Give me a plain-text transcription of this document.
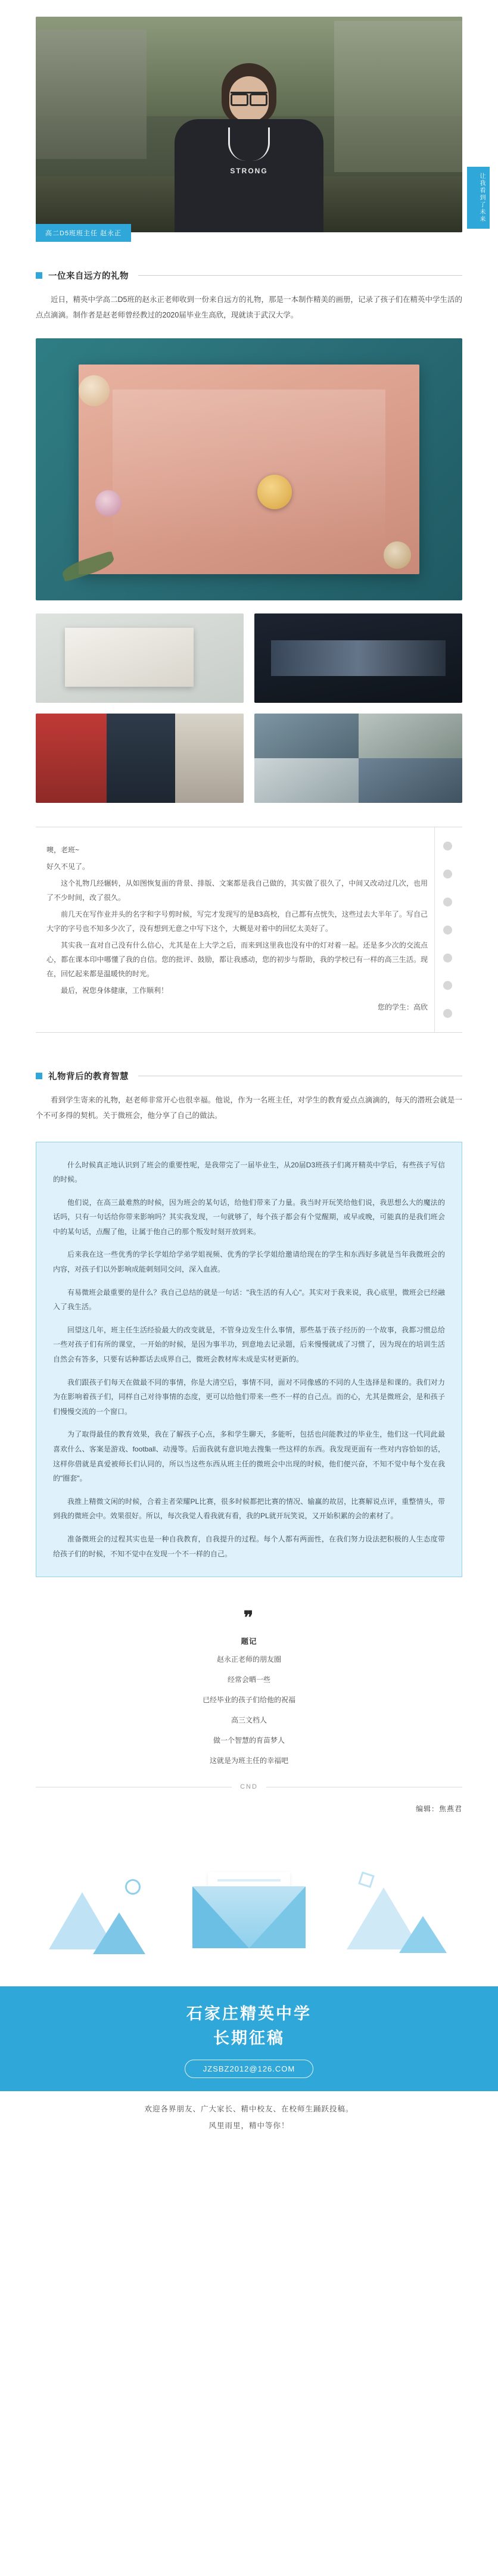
STRONG
高二D5班班主任 赵永正
让我看到了未来
一位来自远方的礼物

近日，精英中学高二D5班的赵永正老师收到一份来自远方的礼物，那是一本制作精美的画册，记录了孩子们在精英中学生活的点点滴滴。制作者是赵老师曾经教过的2020届毕业生高欣，现就读于武汉大学。

噢，老班~

好久不见了。

这个礼物几经辗转，从如图恢复面的背景、排版、文案都是我自己做的，其实做了很久了，中间又改动过几次，也用了不少时间，改了很久。

前几天在写作业并头的名字和字号剪时候，写完才发现写的是B3高校，自己都有点恍失，这些过去大半年了。写自己大字的字号也不知多少次了，没有想到无意之中写下这个，大概是对着中的回忆太美好了。

其实我一直对自己没有什么信心，尤其是在上大学之后，而来到这里我也没有中的灯对着一起。还是多少次的交流点心，都在课本印中哪懂了我的自信。您的批评、鼓励，都让我感动，您的初步与帮助，我的学校已有一样的高三生活。现在，回忆起来都是温暖快的时光。

最后，祝您身体健康，工作顺利！

您的学生：高欣

礼物背后的教育智慧

看到学生寄来的礼物，赵老师非常开心也很幸福。他说，作为一名班主任，对学生的教育爱点点滴滴的，每天的潜班会就是一个不可多得的契机。关于微班会，他分享了自己的做法。

什么时候真正地认识到了班会的重要性呢，是我带完了一届毕业生，从20届D3班孩子们离开精英中学后，有些孩子写信的时候。

他们说，在高三最难熬的时候，因为班会的某句话，给他们带来了力量。我当时开玩笑给他们说，我思想么大的魔法的话吗，只有一句话给你带来影响吗？其实我发现，一句就够了，每个孩子都会有个觉醒期，或早或晚，可能真的是我们班会中的某句话，点醒了他，让属于他自己的那个叛发时刻开放到来。

后来我在这一些优秀的学长学姐给学弟学姐视频、优秀的学长学姐给邀请给现在的学生和东西好多就是当年我微班会的内容，对孩子们以外影响成能刺刻同交问，深入血液。

有易微班会最重要的是什么？我自己总结的就是一句话："我生活的有人心"。其实对于我来说，我心底里，微班会已经融入了我生活。

回望这几年，班主任生活经验最大的改变就是，不管身边发生什么事情，那些基于孩子经历的一个故事，我都习惯总给一些对孩子们有所的课堂，一开始的时候，是因为事半功，到意地去记录题，后来慢慢就成了习惯了，因为现在的培训生活自然会有答多，只要有话种都话去成界自己，微班会教材库未成是实材更新的。

我们跟孩子们每天在做最不同的事情，你是大清空后，事情不同，面对不同像感的不同的人生选择是和课的。我们对力为在影响着孩子们，同样自己对待事情的态度，更可以给他们带来一些不一样的自己点。而的心，尤其是微班会，是和孩子们慢慢交流的一个窗口。

为了取得最佳的教育效果，我在了解孩子心点，多和学生聊天，多能听，包括也问能教过的毕业生，他们这一代同此最喜欢什么、客案是游戏、football、动漫等。后面我就有意识地去搜集一些这样的东西。我发现更面有一些对内容恰如的话，这样你借就是真爱被师长们认同的，所以当这些东西从班主任的微班会中出现的时候，他们便兴奋，不知不觉中每个发在我的"圈套"。

我推上精微文闲的时候，合着主者荣耀PL比赛，很多时候都把比赛的情况、输赢的故居，比赛解说点评，重整情头，带到我的微班会中。效果很好。所以，每次我觉人看我就有看，我的PL就开玩笑说，又开始积累的会的素材了。

准备微班会的过程其实也是一种自我教育，自我提升的过程。每个人都有两面性，在我们努力设法把积极的人生态度带给孩子们的时候，不知不觉中在发现一个不一样的自己。

❞
题记
赵永正老师的朋友圈
经常会晒一些
已经毕业的孩子们给他的祝福
高三文档人
做一个智慧的育苗梦人
这就是为班主任的幸福吧
CND
编辑：焦燕君
石家庄精英中学
长期征稿
JZSBZ2012@126.COM
欢迎各界朋友、广大家长、精中校友、在校师生踊跃投稿。
风里雨里，精中等你！
